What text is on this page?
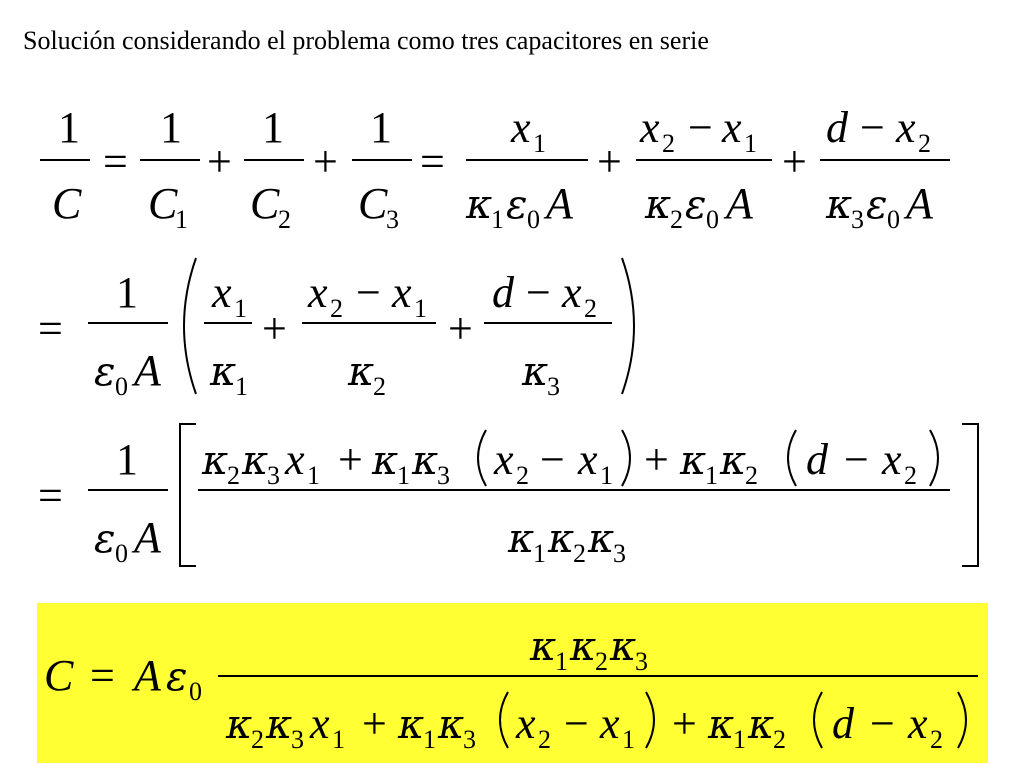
Solución considerando el problema como tres capacitores en serie
1
C
=
1
C
1
+
1
C
2
+
1
C
3
=
x 1
κ
1 ε 0 A
+
x 2 − x 1
κ
2 ε 0 A
+
d − x 2
κ
3 ε 0 A
=
1
ε 0 A
x 1
κ
1
+
x 2 − x 1
κ
2
+
d − x 2
κ
3
=
1
ε 0 A
κ
2 κ
3 x 1 + κ
1 κ
3 x 2 − x 1 + κ
1 κ
2 d − x 2
κ
1 κ
2 κ
3
C = A ε 0
κ
1 κ
2 κ
3
κ
2 κ
3 x 1 + κ
1 κ
3 x 2 − x 1 + κ
1 κ
2 d − x 2
